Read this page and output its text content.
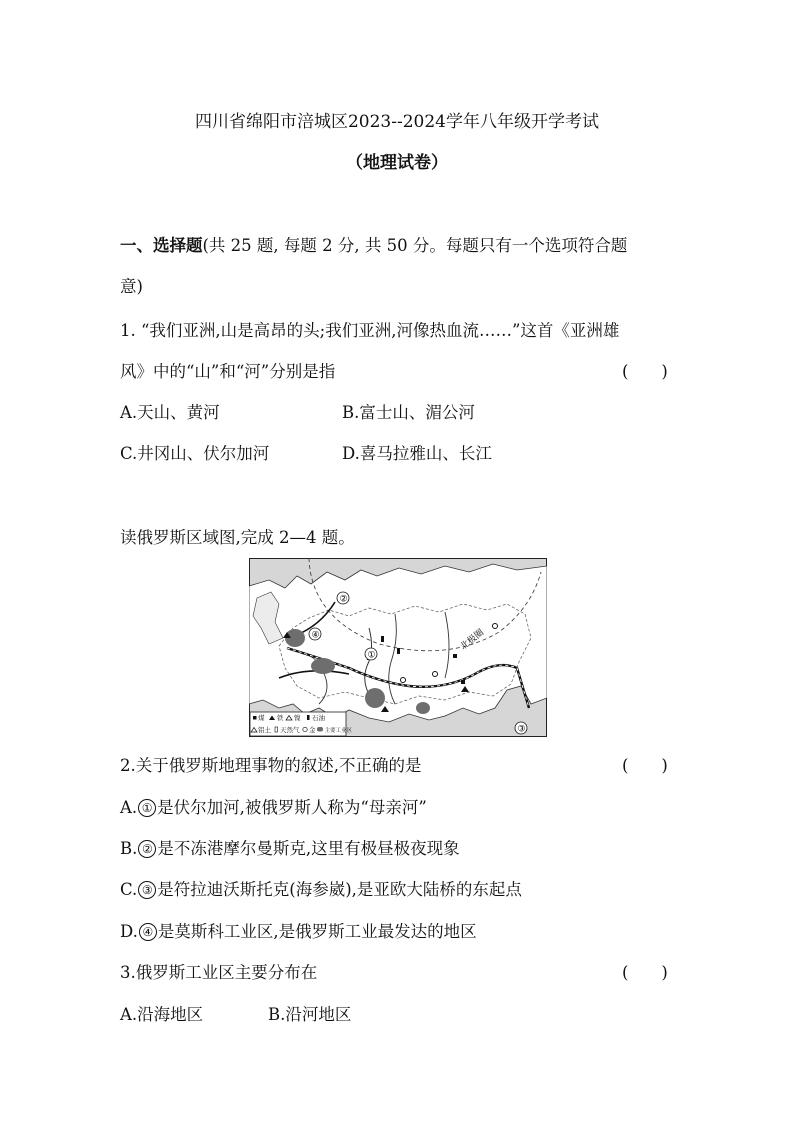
四川省绵阳市涪城区2023--2024学年八年级开学考试
（地理试卷）
一、选择题(共 25 题, 每题 2 分, 共 50 分。每题只有一个选项符合题
意)
1. “我们亚洲,山是高昂的头;我们亚洲,河像热血流……”这首《亚洲雄
风》中的“山”和“河”分别是指	(　　)
A.天山、黄河	B.富士山、湄公河
C.井冈山、伏尔加河	D.喜马拉雅山、长江
读俄罗斯区域图,完成 2—4 题。
北极圈
①
②
③
④
煤 铁 镍 石油
铝土 天然气 金 主要工业区
2.关于俄罗斯地理事物的叙述,不正确的是	(　　)
A. ① 是伏尔加河,被俄罗斯人称为“母亲河”
B. ② 是不冻港摩尔曼斯克,这里有极昼极夜现象
C. ③ 是符拉迪沃斯托克(海参崴),是亚欧大陆桥的东起点
D. ④ 是莫斯科工业区,是俄罗斯工业最发达的地区
3.俄罗斯工业区主要分布在	(　　)
A.沿海地区	B.沿河地区
